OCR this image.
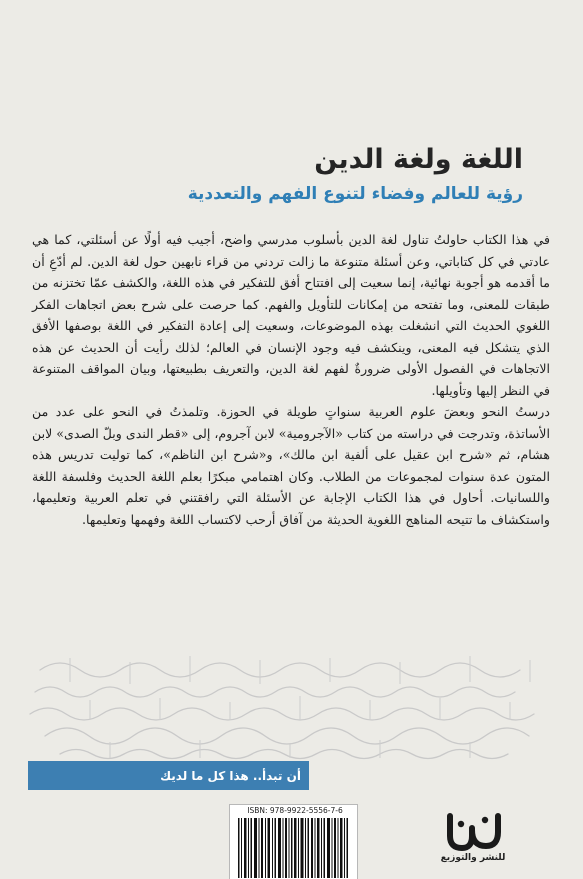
اللغة ولغة الدين
رؤية للعالم وفضاء لتنوع الفهم والتعددية

في هذا الكتاب حاولتُ تناول لغة الدين بأسلوب مدرسي واضح، أجيب فيه أولًا عن أسئلتي، كما هي عادتي في كل كتاباتي، وعن أسئلة متنوعة ما زالت تردني من قراء نابهين حول لغة الدين. لم أدّعِ أن ما أقدمه هو أجوبة نهائية، إنما سعيت إلى افتتاح أفق للتفكير في هذه اللغة، والكشف عمّا تختزنه من طبقات للمعنى، وما تفتحه من إمكانات للتأويل والفهم. كما حرصت على شرح بعض اتجاهات الفكر اللغوي الحديث التي انشغلت بهذه الموضوعات، وسعيت إلى إعادة التفكير في اللغة بوصفها الأفق الذي يتشكل فيه المعنى، وينكشف فيه وجود الإنسان في العالم؛ لذلك رأيت أن الحديث عن هذه الاتجاهات في الفصول الأولى ضرورةٌ لفهم لغة الدين، والتعريف بطبيعتها، وبيان المواقف المتنوعة في النظر إليها وتأويلها.

درستُ النحو وبعضَ علوم العربية سنواتٍ طويلة في الحوزة. وتلمذتُ في النحو على عدد من الأساتذة، وتدرجت في دراسته من كتاب «الآجرومية» لابن آجروم، إلى «قطر الندى وبلّ الصدى» لابن هشام، ثم «شرح ابن عقيل على ألفية ابن مالك»، و«شرح ابن الناظم»، كما توليت تدريس هذه المتون عدة سنوات لمجموعات من الطلاب. وكان اهتمامي مبكرًا بعلم اللغة الحديث وفلسفة اللغة واللسانيات. أحاول في هذا الكتاب الإجابة عن الأسئلة التي رافقتني في تعلم العربية وتعليمها، واستكشاف ما تتيحه المناهج اللغوية الحديثة من آفاق أرحب لاكتساب اللغة وفهمها وتعليمها.

أن تبدأ.. هذا كل ما لديك
ISBN: 978-9922-5556-7-6
للنشر والتوزيع
